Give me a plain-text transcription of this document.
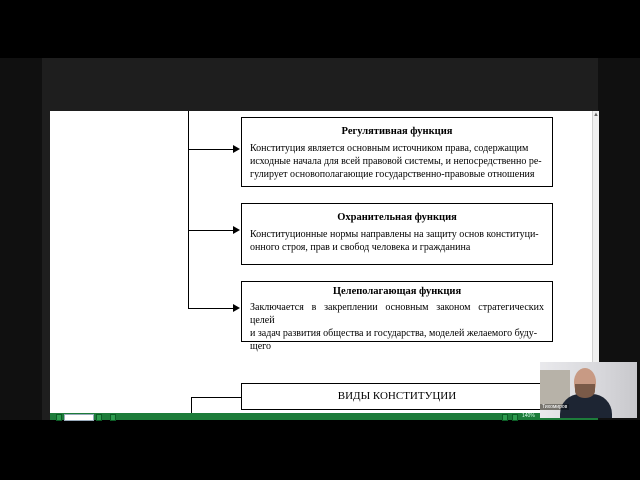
Регулятивная функция
Конституция является основным источником права, содержащим
исходные начала для всей правовой системы, и непосредственно ре-
гулирует основополагающие государственно-правовые отношения
Охранительная функция
Конституционные нормы направлены на защиту основ конституци-
онного строя, прав и свобод человека и гражданина
Целеполагающая функция
Заключается в закреплении основным законом стратегических целей
и задач развития общества и государства, моделей желаемого буду-
щего
ВИДЫ КОНСТИТУЦИИ
▲
140%
Тихомиров
